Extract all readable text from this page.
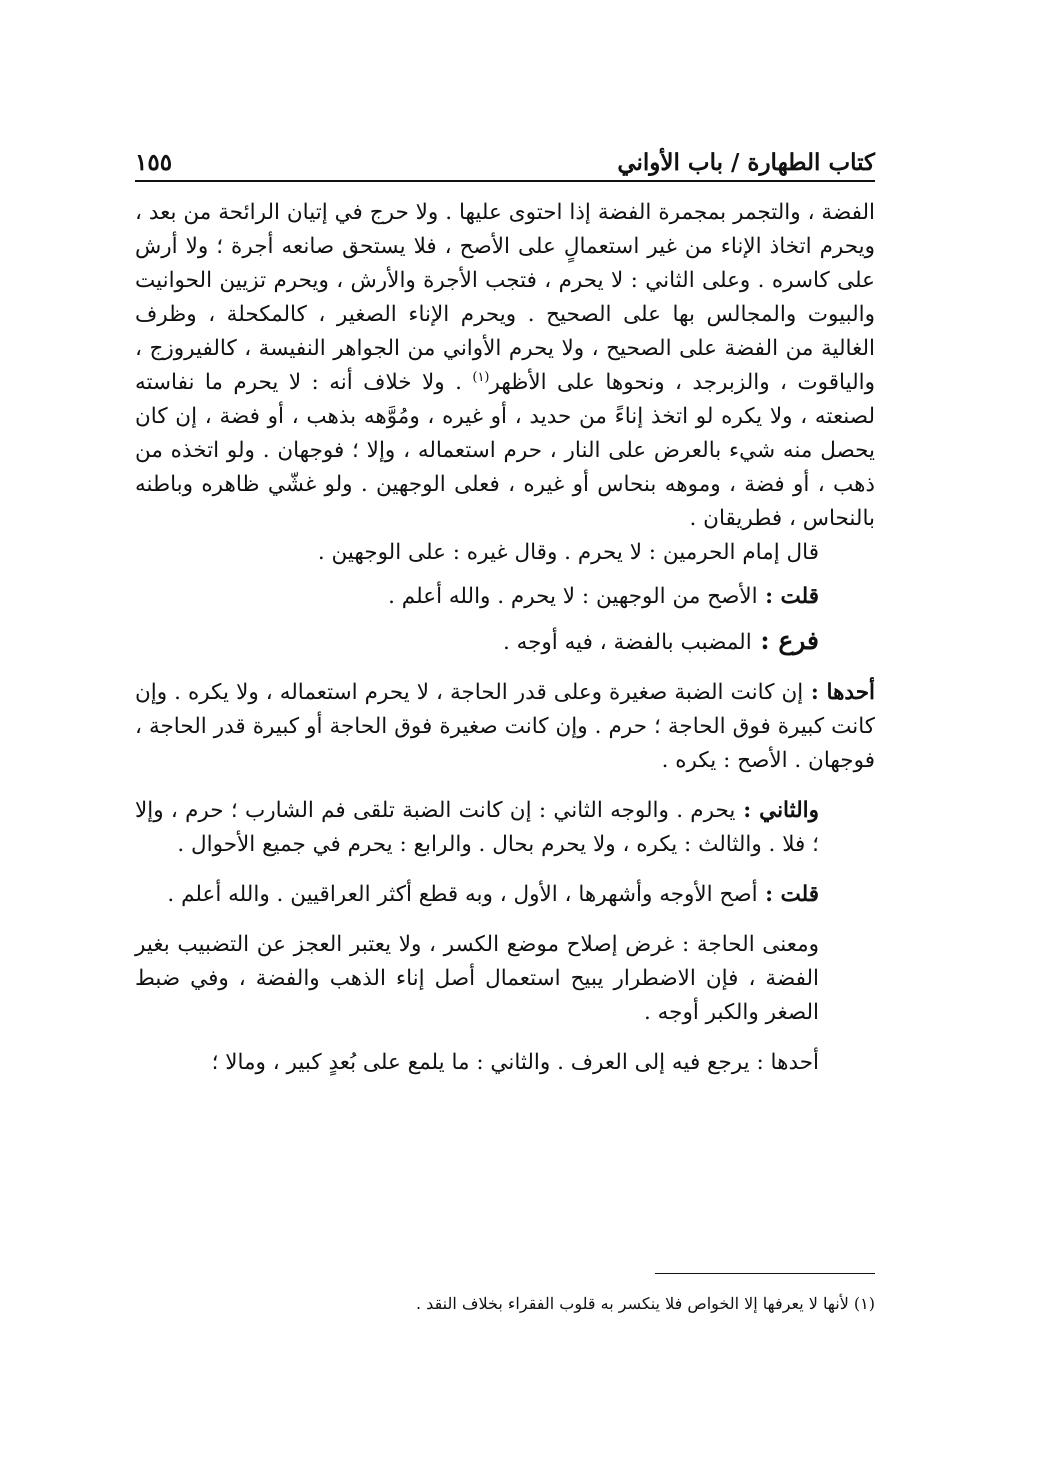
كتاب الطهارة / باب الأواني
١٥٥

الفضة ، والتجمر بمجمرة الفضة إذا احتوى عليها . ولا حرج في إتيان الرائحة من بعد ، ويحرم اتخاذ الإناء من غير استعمالٍ على الأصح ، فلا يستحق صانعه أجرة ؛ ولا أرش على كاسره . وعلى الثاني : لا يحرم ، فتجب الأجرة والأرش ، ويحرم تزيين الحوانيت والبيوت والمجالس بها على الصحيح . ويحرم الإناء الصغير ، كالمكحلة ، وظرف الغالية من الفضة على الصحيح ، ولا يحرم الأواني من الجواهر النفيسة ، كالفيروزج ، والياقوت ، والزبرجد ، ونحوها على الأظهر$^{(١)}$ . ولا خلاف أنه : لا يحرم ما نفاسته لصنعته ، ولا يكره لو اتخذ إناءً من حديد ، أو غيره ، ومُوَّهه بذهب ، أو فضة ، إن كان يحصل منه شيء بالعرض على النار ، حرم استعماله ، وإلا ؛ فوجهان . ولو اتخذه من ذهب ، أو فضة ، وموهه بنحاس أو غيره ، فعلى الوجهين . ولو غشّي ظاهره وباطنه بالنحاس ، فطريقان .

قال إمام الحرمين : لا يحرم . وقال غيره : على الوجهين .

قلت : الأصح من الوجهين : لا يحرم . والله أعلم .

فرع : المضبب بالفضة ، فيه أوجه .

أحدها : إن كانت الضبة صغيرة وعلى قدر الحاجة ، لا يحرم استعماله ، ولا يكره . وإن كانت كبيرة فوق الحاجة ؛ حرم . وإن كانت صغيرة فوق الحاجة أو كبيرة قدر الحاجة ، فوجهان . الأصح : يكره .

والثاني : يحرم . والوجه الثاني : إن كانت الضبة تلقى فم الشارب ؛ حرم ، وإلا ؛ فلا . والثالث : يكره ، ولا يحرم بحال . والرابع : يحرم في جميع الأحوال .

قلت : أصح الأوجه وأشهرها ، الأول ، وبه قطع أكثر العراقيين . والله أعلم .

ومعنى الحاجة : غرض إصلاح موضع الكسر ، ولا يعتبر العجز عن التضبيب بغير الفضة ، فإن الاضطرار يبيح استعمال أصل إناء الذهب والفضة ، وفي ضبط الصغر والكبر أوجه .

أحدها : يرجع فيه إلى العرف . والثاني : ما يلمع على بُعدٍ كبير ، ومالا ؛

(١) لأنها لا يعرفها إلا الخواص فلا ينكسر به قلوب الفقراء بخلاف النقد .
